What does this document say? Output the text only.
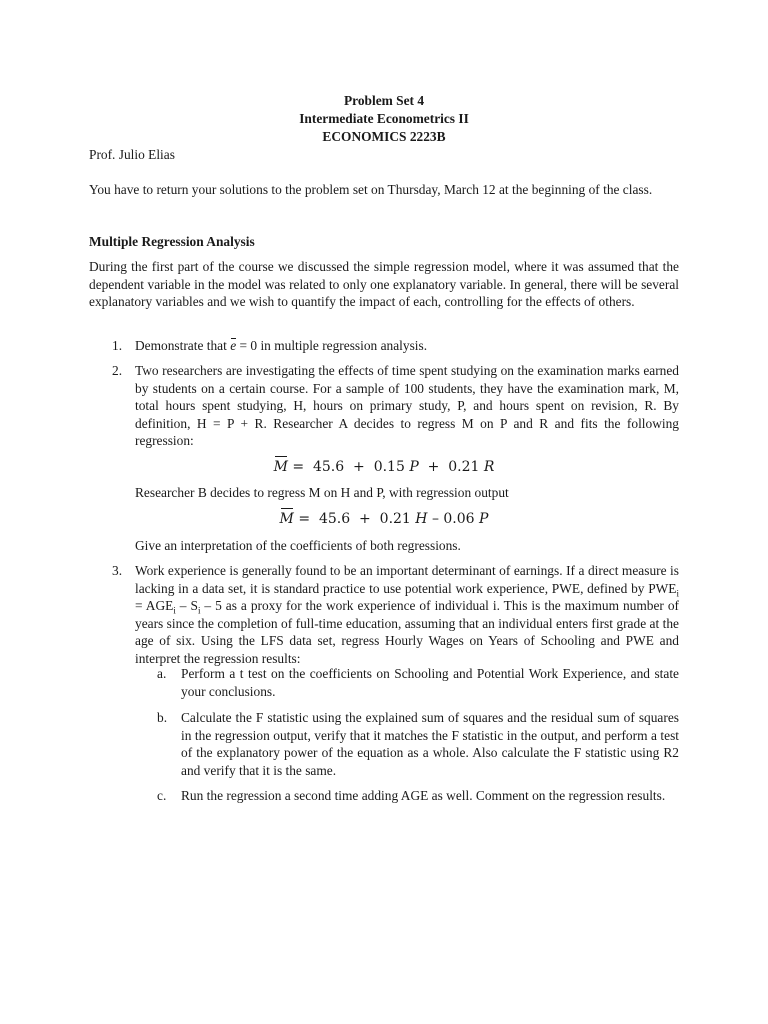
Problem Set 4
Intermediate Econometrics II
ECONOMICS 2223B
Prof. Julio Elias
You have to return your solutions to the problem set on Thursday, March 12 at the beginning of the class.
Multiple Regression Analysis
During the first part of the course we discussed the simple regression model, where it was assumed that the dependent variable in the model was related to only one explanatory variable. In general, there will be several explanatory variables and we wish to quantify the impact of each, controlling for the effects of others.
1. Demonstrate that e = 0 in multiple regression analysis.
2. Two researchers are investigating the effects of time spent studying on the examination marks earned by students on a certain course. For a sample of 100 students, they have the examination mark, M, total hours spent studying, H, hours on primary study, P, and hours spent on revision, R. By definition, H = P + R. Researcher A decides to regress M on P and R and fits the following regression:
M =  45.6  +  0.15 P  +  0.21 R
Researcher B decides to regress M on H and P, with regression output
M =  45.6  +  0.21 H – 0.06 P
Give an interpretation of the coefficients of both regressions.
3. Work experience is generally found to be an important determinant of earnings. If a direct measure is lacking in a data set, it is standard practice to use potential work experience, PWE, defined by $PWE_i = AGE_i - S_i - 5$ as a proxy for the work experience of individual i. This is the maximum number of years since the completion of full-time education, assuming that an individual enters first grade at the age of six. Using the LFS data set, regress Hourly Wages on Years of Schooling and PWE and interpret the regression results:
a. Perform a t test on the coefficients on Schooling and Potential Work Experience, and state your conclusions.
b. Calculate the F statistic using the explained sum of squares and the residual sum of squares in the regression output, verify that it matches the F statistic in the output, and perform a test of the explanatory power of the equation as a whole. Also calculate the F statistic using R2 and verify that it is the same.
c. Run the regression a second time adding AGE as well. Comment on the regression results.
